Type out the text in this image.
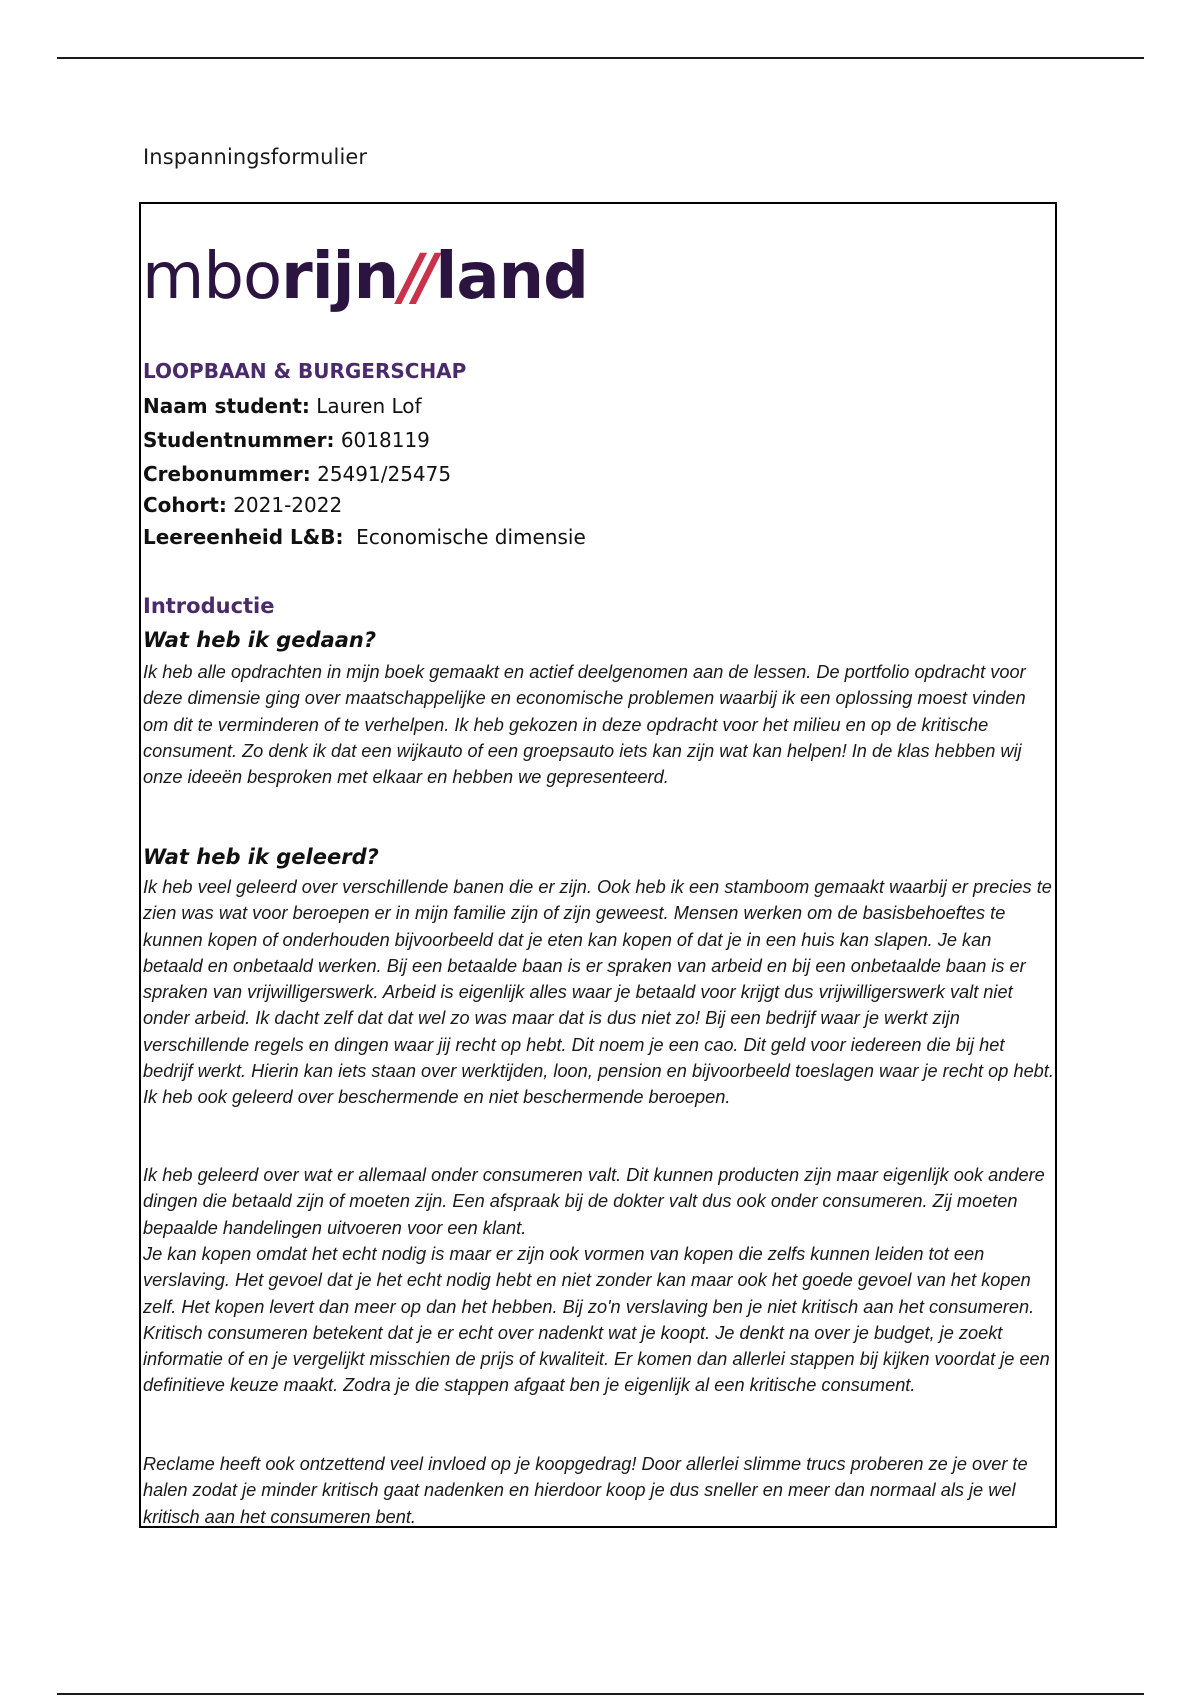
Inspanningsformulier
mbo rijn // land
LOOPBAAN & BURGERSCHAP
Naam student: Lauren Lof
Studentnummer: 6018119
Crebonummer: 25491/25475
Cohort: 2021-2022
Leereenheid L&B:  Economische dimensie
Introductie
Wat heb ik gedaan?

Ik heb alle opdrachten in mijn boek gemaakt en actief deelgenomen aan de lessen. De portfolio opdracht voor deze dimensie ging over maatschappelijke en economische problemen waarbij ik een oplossing moest vinden om dit te verminderen of te verhelpen. Ik heb gekozen in deze opdracht voor het milieu en op de kritische consument. Zo denk ik dat een wijkauto of een groepsauto iets kan zijn wat kan helpen! In de klas hebben wij onze ideeën besproken met elkaar en hebben we gepresenteerd.

Wat heb ik geleerd?

Ik heb veel geleerd over verschillende banen die er zijn. Ook heb ik een stamboom gemaakt waarbij er precies te zien was wat voor beroepen er in mijn familie zijn of zijn geweest. Mensen werken om de basisbehoeftes te kunnen kopen of onderhouden bijvoorbeeld dat je eten kan kopen of dat je in een huis kan slapen. Je kan betaald en onbetaald werken. Bij een betaalde baan is er spraken van arbeid en bij een onbetaalde baan is er spraken van vrijwilligerswerk. Arbeid is eigenlijk alles waar je betaald voor krijgt dus vrijwilligerswerk valt niet onder arbeid. Ik dacht zelf dat dat wel zo was maar dat is dus niet zo! Bij een bedrijf waar je werkt zijn verschillende regels en dingen waar jij recht op hebt. Dit noem je een cao. Dit geld voor iedereen die bij het bedrijf werkt. Hierin kan iets staan over werktijden, loon, pension en bijvoorbeeld toeslagen waar je recht op hebt. Ik heb ook geleerd over beschermende en niet beschermende beroepen.

Ik heb geleerd over wat er allemaal onder consumeren valt. Dit kunnen producten zijn maar eigenlijk ook andere dingen die betaald zijn of moeten zijn. Een afspraak bij de dokter valt dus ook onder consumeren. Zij moeten bepaalde handelingen uitvoeren voor een klant.

Je kan kopen omdat het echt nodig is maar er zijn ook vormen van kopen die zelfs kunnen leiden tot een verslaving. Het gevoel dat je het echt nodig hebt en niet zonder kan maar ook het goede gevoel van het kopen zelf. Het kopen levert dan meer op dan het hebben. Bij zo'n verslaving ben je niet kritisch aan het consumeren. Kritisch consumeren betekent dat je er echt over nadenkt wat je koopt. Je denkt na over je budget, je zoekt informatie of en je vergelijkt misschien de prijs of kwaliteit. Er komen dan allerlei stappen bij kijken voordat je een definitieve keuze maakt. Zodra je die stappen afgaat ben je eigenlijk al een kritische consument.

Reclame heeft ook ontzettend veel invloed op je koopgedrag! Door allerlei slimme trucs proberen ze je over te halen zodat je minder kritisch gaat nadenken en hierdoor koop je dus sneller en meer dan normaal als je wel kritisch aan het consumeren bent.
